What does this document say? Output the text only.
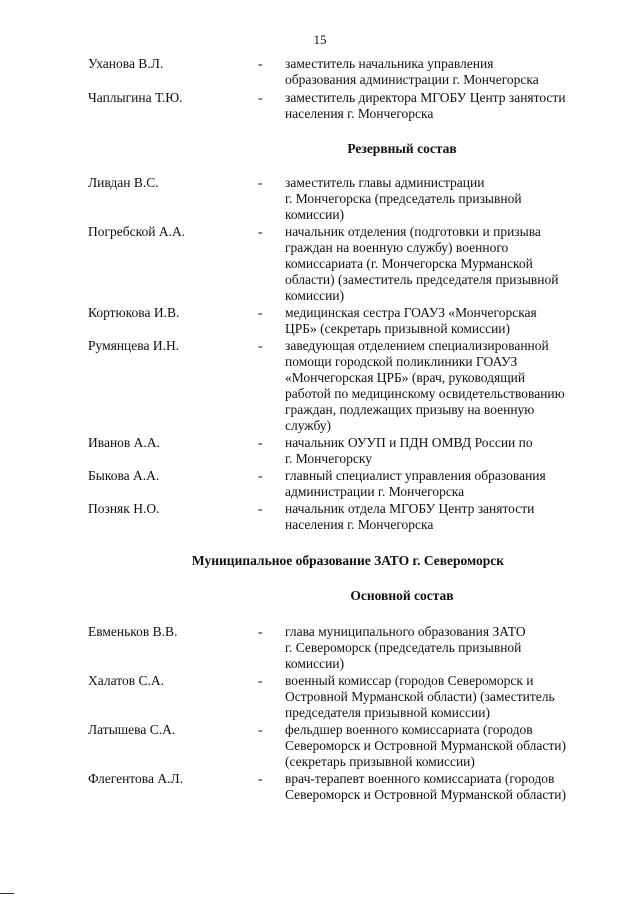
15
Уханова В.Л.	-	заместитель начальника управления
образования администрации г. Мончегорска
Чаплыгина Т.Ю.	-	заместитель директора МГОБУ Центр занятости
населения г. Мончегорска
Резервный состав
Ливдан В.С.	-	заместитель главы администрации
г. Мончегорска (председатель призывной
комиссии)
Погребской А.А.	-	начальник отделения (подготовки и призыва
граждан на военную службу) военного
комиссариата (г. Мончегорска Мурманской
области) (заместитель председателя призывной
комиссии)
Кортюкова И.В.	-	медицинская сестра ГОАУЗ «Мончегорская
ЦРБ» (секретарь призывной комиссии)
Румянцева И.Н.	-	заведующая отделением специализированной
помощи городской поликлиники ГОАУЗ
«Мончегорская ЦРБ» (врач, руководящий
работой по медицинскому освидетельствованию
граждан, подлежащих призыву на военную
службу)
Иванов А.А.	-	начальник ОУУП и ПДН ОМВД России по
г. Мончегорску
Быкова А.А.	-	главный специалист управления образования
администрации г. Мончегорска
Позняк Н.О.	-	начальник отдела МГОБУ Центр занятости
населения г. Мончегорска
Муниципальное образование ЗАТО г. Североморск
Основной состав
Евменьков В.В.	-	глава муниципального образования ЗАТО
г. Североморск (председатель призывной
комиссии)
Халатов С.А.	-	военный комиссар (городов Североморск и
Островной Мурманской области) (заместитель
председателя призывной комиссии)
Латышева С.А.	-	фельдшер военного комиссариата (городов
Североморск и Островной Мурманской области)
(секретарь призывной комиссии)
Флегентова А.Л.	-	врач-терапевт военного комиссариата (городов
Североморск и Островной Мурманской области)
